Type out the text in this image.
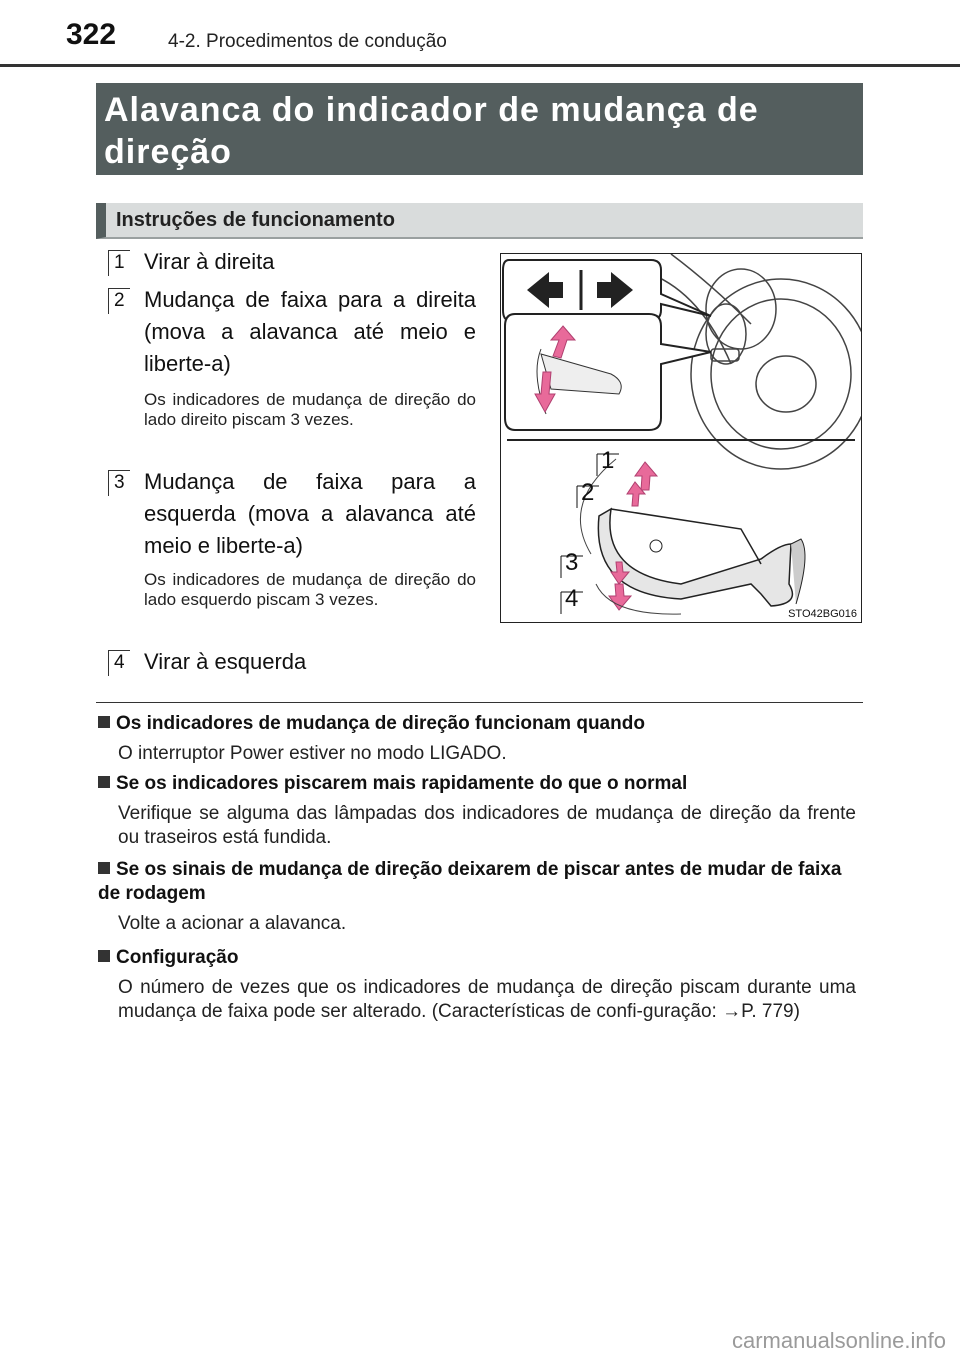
322	4-2. Procedimentos de condução
Alavanca do indicador de mudança de direção
Instruções de funcionamento
1 Virar à direita
2 Mudança de faixa para a direita (mova a alavanca até meio e liberte-a)
Os indicadores de mudança de direção do lado direito piscam 3 vezes.
3 Mudança de faixa para a esquerda (mova a alavanca até meio e liberte-a)
Os indicadores de mudança de direção do lado esquerdo piscam 3 vezes.
4 Virar à esquerda
1
2
3
4
STO42BG016
Os indicadores de mudança de direção funcionam quando
O interruptor Power estiver no modo LIGADO.
Se os indicadores piscarem mais rapidamente do que o normal
Verifique se alguma das lâmpadas dos indicadores de mudança de direção da frente ou traseiros está fundida.
Se os sinais de mudança de direção deixarem de piscar antes de mudar de faixa de rodagem
Volte a acionar a alavanca.
Configuração
O número de vezes que os indicadores de mudança de direção piscam durante uma mudança de faixa pode ser alterado. (Características de confi-guração: →P. 779)
carmanualsonline.info
